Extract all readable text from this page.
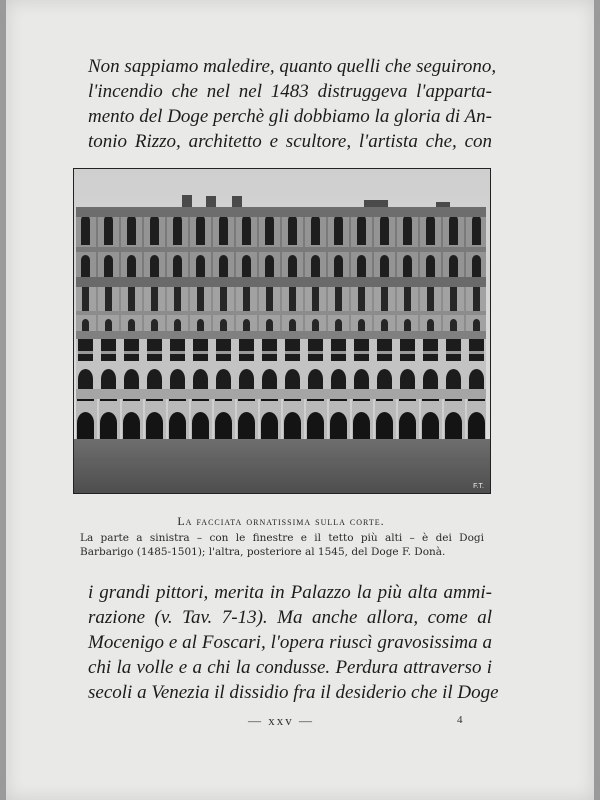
Non sappiamo maledire, quanto quelli che seguirono,
l'incendio che nel nel 1483 distruggeva l'apparta-
mento del Doge perchè gli dobbiamo la gloria di An-
tonio Rizzo, architetto e scultore, l'artista che, con

F.T.
La facciata ornatissima sulla corte.
La parte a sinistra – con le finestre e il tetto più alti – è dei Dogi
Barbarigo (1485-1501); l'altra, posteriore al 1545, del Doge F. Donà.

i grandi pittori, merita in Palazzo la più alta ammi-
razione (v. Tav. 7-13). Ma anche allora, come al
Mocenigo e al Foscari, l'opera riuscì gravosissima a
chi la volle e a chi la condusse. Perdura attraverso i
secoli a Venezia il dissidio fra il desiderio che il Doge

— xxv —	4
